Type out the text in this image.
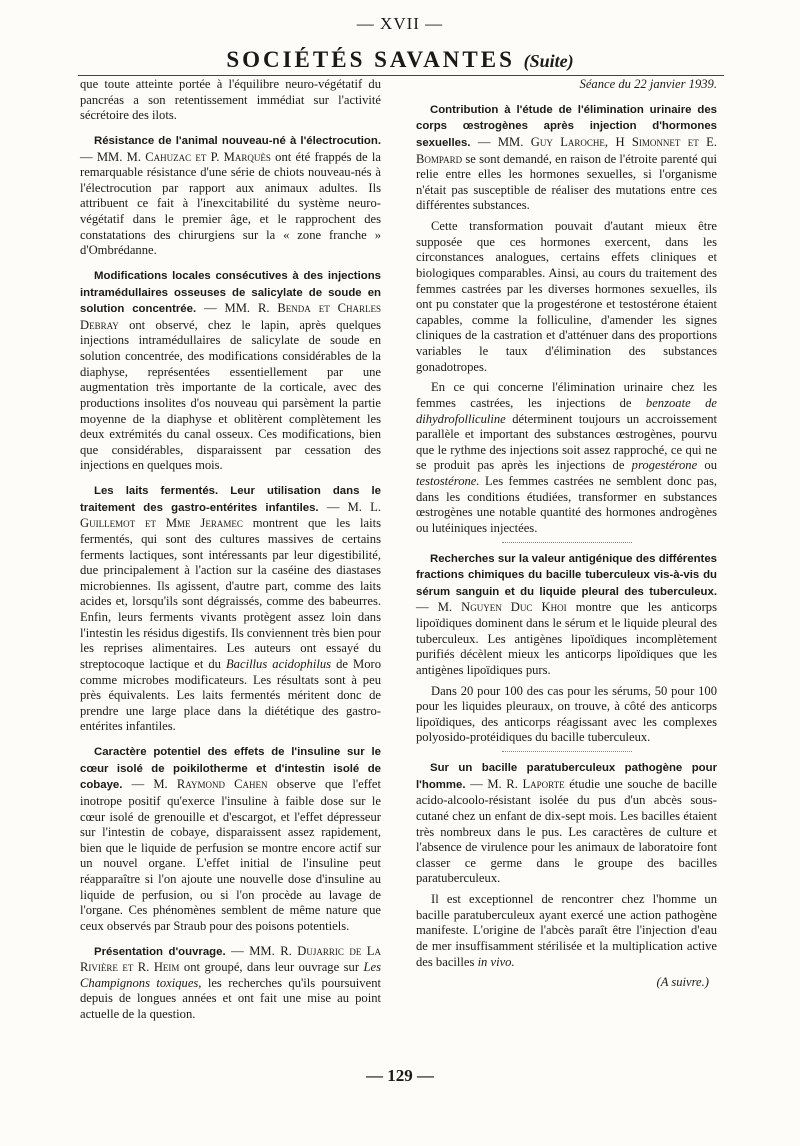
— XVII —
SOCIÉTÉS SAVANTES (Suite)

que toute atteinte portée à l'équilibre neuro-végétatif du pancréas a son retentissement immédiat sur l'activité sécrétoire des ilots.

Résistance de l'animal nouveau-né à l'électrocution. — MM. M. Cahuzac et P. Marquès ont été frappés de la remarquable résistance d'une série de chiots nouveau-nés à l'électrocution par rapport aux animaux adultes. Ils attribuent ce fait à l'inexcitabilité du système neuro-végétatif dans le premier âge, et le rapprochent des constatations des chirurgiens sur la « zone franche » d'Ombrédanne.

Modifications locales consécutives à des injections intramédullaires osseuses de salicylate de soude en solution concentrée. — MM. R. Benda et Charles Debray ont observé, chez le lapin, après quelques injections intramédullaires de salicylate de soude en solution concentrée, des modifications considérables de la diaphyse, représentées essentiellement par une augmentation très importante de la corticale, avec des productions insolites d'os nouveau qui parsèment la partie moyenne de la diaphyse et oblitèrent complètement les deux extrémités du canal osseux. Ces modifications, bien que considérables, disparaissent par cessation des injections en quelques mois.

Les laits fermentés. Leur utilisation dans le traitement des gastro-entérites infantiles. — M. L. Guillemot et Mme Jeramec montrent que les laits fermentés, qui sont des cultures massives de certains ferments lactiques, sont intéressants par leur digestibilité, due principalement à l'action sur la caséine des diastases microbiennes. Ils agissent, d'autre part, comme des laits acides et, lorsqu'ils sont dégraissés, comme des babeurres. Enfin, leurs ferments vivants protègent assez loin dans l'intestin les résidus digestifs. Ils conviennent très bien pour les reprises alimentaires. Les auteurs ont essayé du streptocoque lactique et du Bacillus acidophilus de Moro comme microbes modificateurs. Les résultats sont à peu près équivalents. Les laits fermentés méritent donc de prendre une large place dans la diététique des gastro-entérites infantiles.

Caractère potentiel des effets de l'insuline sur le cœur isolé de poikilotherme et d'intestin isolé de cobaye. — M. Raymond Cahen observe que l'effet inotrope positif qu'exerce l'insuline à faible dose sur le cœur isolé de grenouille et d'escargot, et l'effet dépresseur sur l'intestin de cobaye, disparaissent assez rapidement, bien que le liquide de perfusion se montre encore actif sur un nouvel organe. L'effet initial de l'insuline peut réapparaître si l'on ajoute une nouvelle dose d'insuline au liquide de perfusion, ou si l'on procède au lavage de l'organe. Ces phénomènes semblent de même nature que ceux observés par Straub pour des poisons potentiels.

Présentation d'ouvrage. — MM. R. Dujarric de La Rivière et R. Heim ont groupé, dans leur ouvrage sur Les Champignons toxiques, les recherches qu'ils poursuivent depuis de longues années et ont fait une mise au point actuelle de la question.

Séance du 22 janvier 1939.

Contribution à l'étude de l'élimination urinaire des corps œstrogènes après injection d'hormones sexuelles. — MM. Guy Laroche, H Simonnet et E. Bompard se sont demandé, en raison de l'étroite parenté qui relie entre elles les hormones sexuelles, si l'organisme n'était pas susceptible de réaliser des mutations entre ces différentes substances.

Cette transformation pouvait d'autant mieux être supposée que ces hormones exercent, dans les circonstances analogues, certains effets cliniques et biologiques comparables. Ainsi, au cours du traitement des femmes castrées par les diverses hormones sexuelles, ils ont pu constater que la progestérone et testostérone étaient capables, comme la folliculine, d'amender les signes cliniques de la castration et d'atténuer dans des proportions variables le taux d'élimination des substances gonadotropes.

En ce qui concerne l'élimination urinaire chez les femmes castrées, les injections de benzoate de dihydrofolliculine déterminent toujours un accroissement parallèle et important des substances œstrogènes, pourvu que le rythme des injections soit assez rapproché, ce qui ne se produit pas après les injections de progestérone ou testostérone. Les femmes castrées ne semblent donc pas, dans les conditions étudiées, transformer en substances œstrogènes une notable quantité des hormones androgènes ou lutéiniques injectées.

Recherches sur la valeur antigénique des différentes fractions chimiques du bacille tuberculeux vis-à-vis du sérum sanguin et du liquide pleural des tuberculeux. — M. Nguyen Duc Khoi montre que les anticorps lipoïdiques dominent dans le sérum et le liquide pleural des tuberculeux. Les antigènes lipoïdiques incomplètement purifiés décèlent mieux les anticorps lipoïdiques que les antigènes lipoïdiques purs.

Dans 20 pour 100 des cas pour les sérums, 50 pour 100 pour les liquides pleuraux, on trouve, à côté des anticorps lipoïdiques, des anticorps réagissant avec les complexes polyosido-protéidiques du bacille tuberculeux.

Sur un bacille paratuberculeux pathogène pour l'homme. — M. R. Laporte étudie une souche de bacille acido-alcoolo-résistant isolée du pus d'un abcès sous-cutané chez un enfant de dix-sept mois. Les bacilles étaient très nombreux dans le pus. Les caractères de culture et l'absence de virulence pour les animaux de laboratoire font classer ce germe dans le groupe des bacilles paratuberculeux.

Il est exceptionnel de rencontrer chez l'homme un bacille paratuberculeux ayant exercé une action pathogène manifeste. L'origine de l'abcès paraît être l'injection d'eau de mer insuffisamment stérilisée et la multiplication active des bacilles in vivo.

(A suivre.)

— 129 —
